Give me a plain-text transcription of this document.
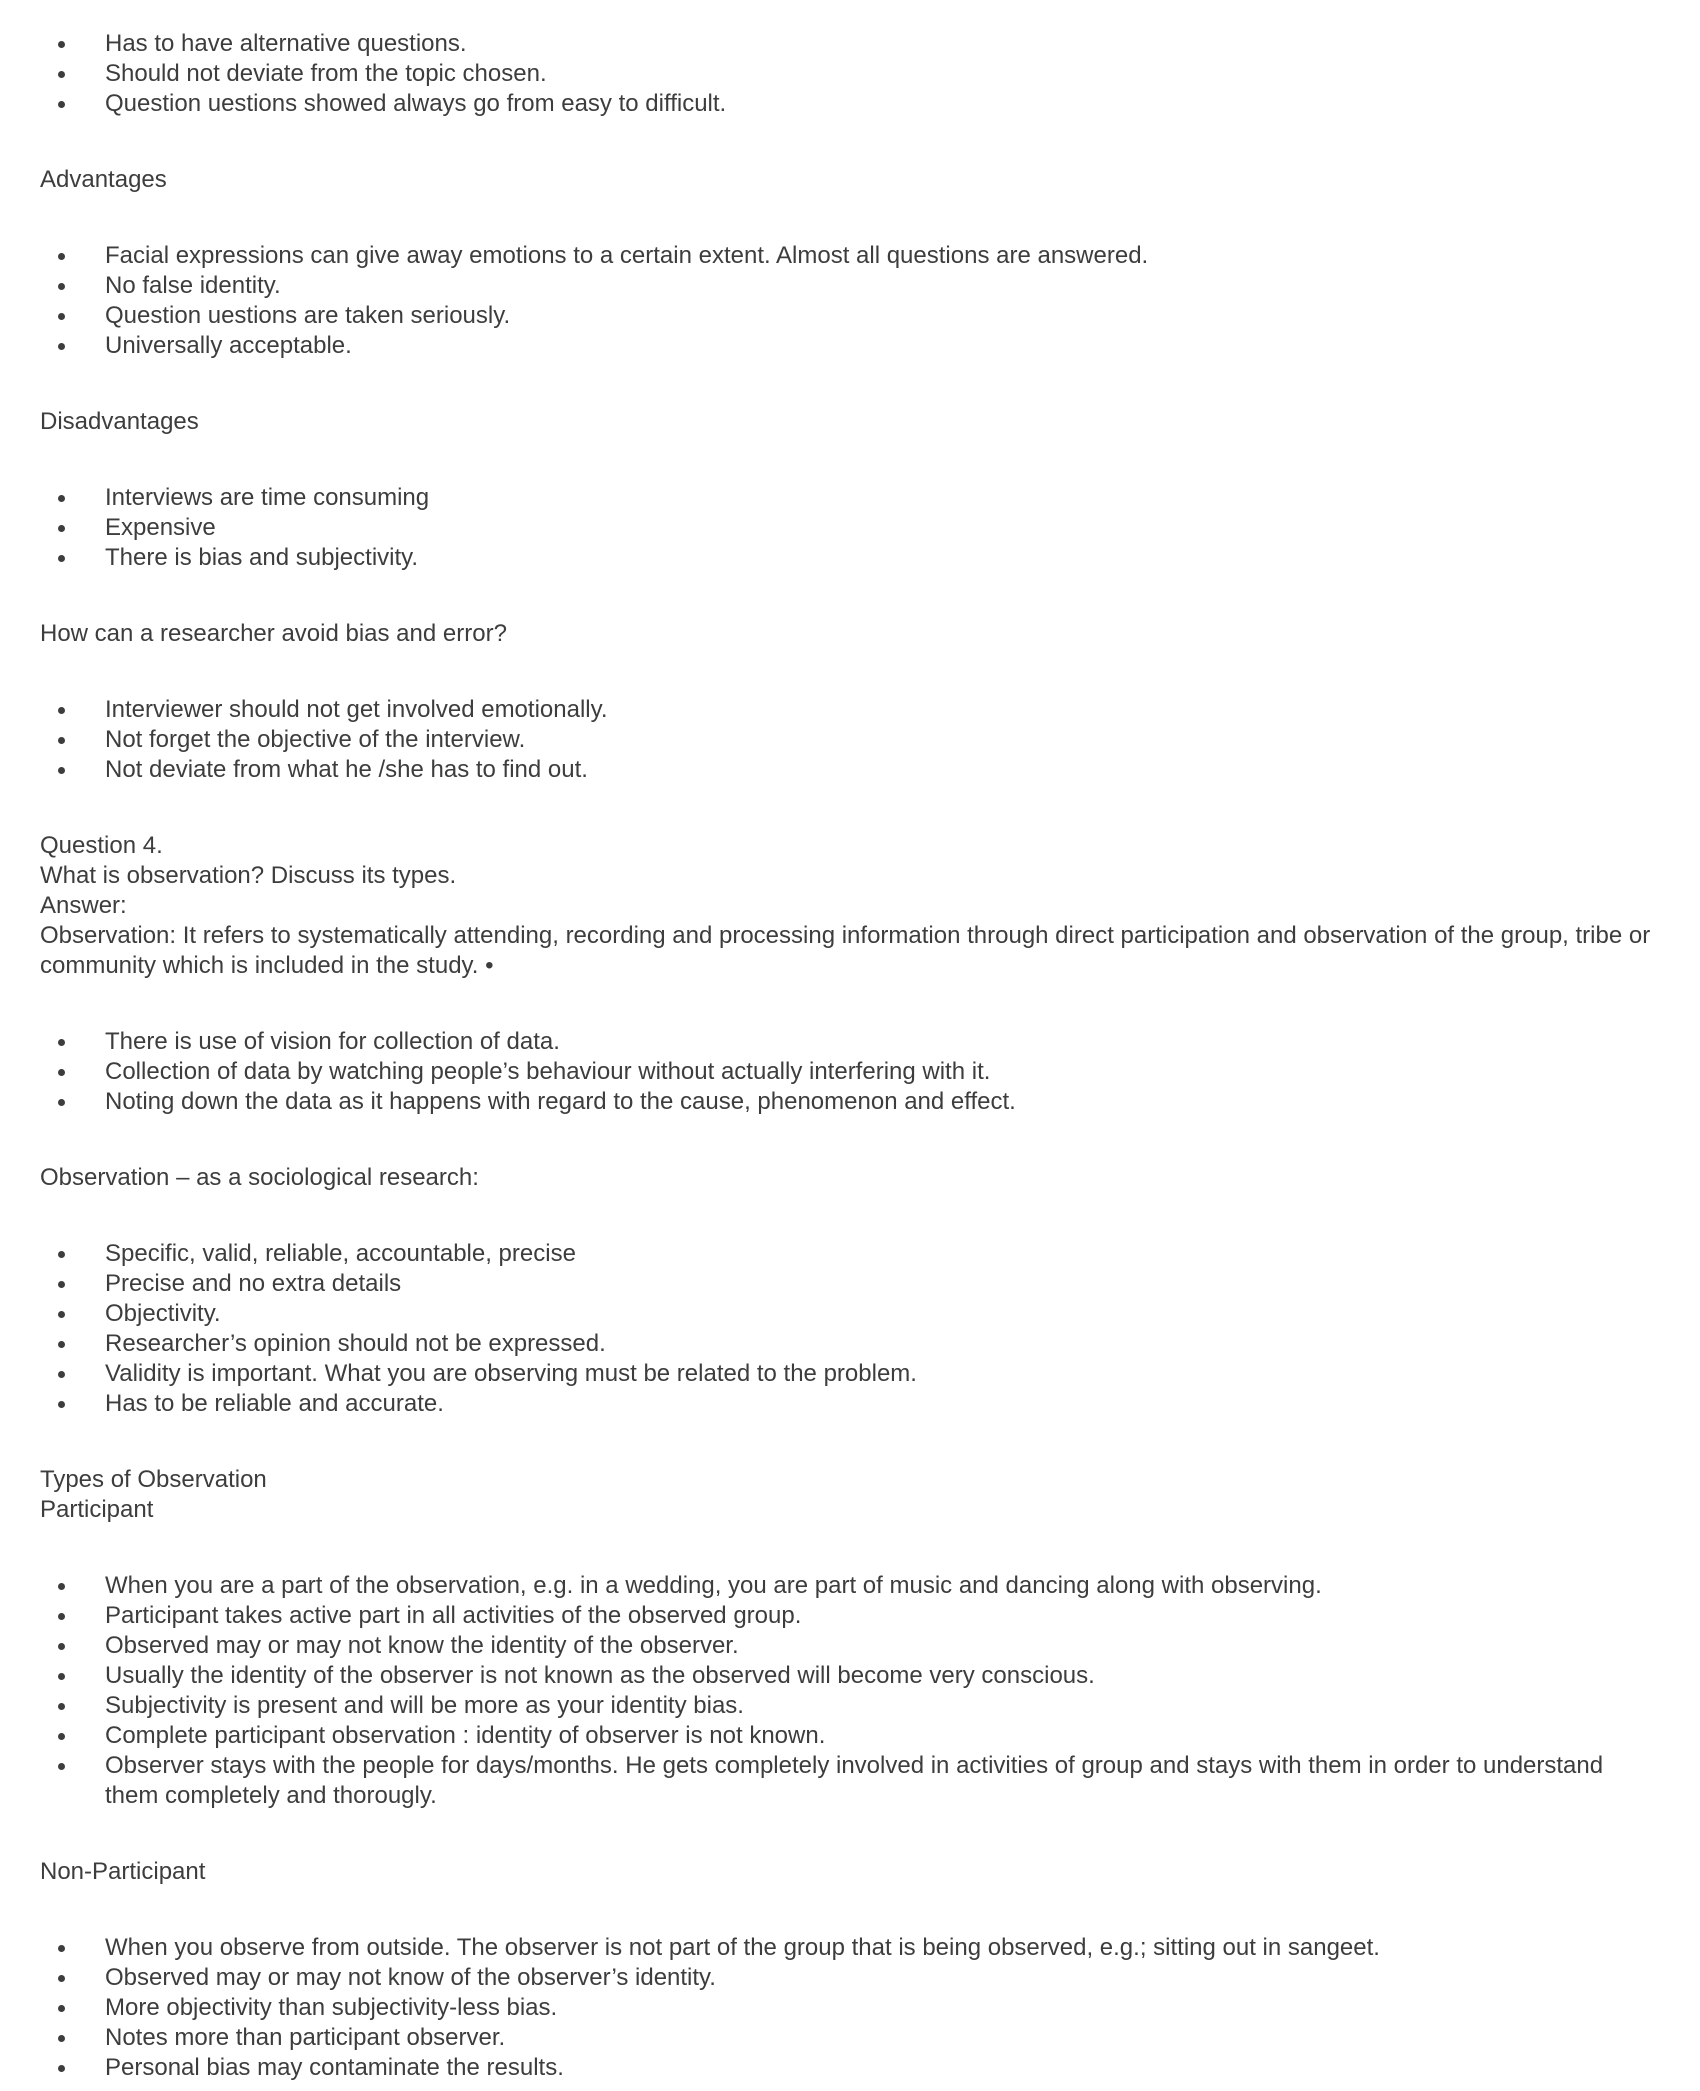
Has to have alternative questions.
Should not deviate from the topic chosen.
Question uestions showed always go from easy to difficult.

Advantages

Facial expressions can give away emotions to a certain extent. Almost all questions are answered.
No false identity.
Question uestions are taken seriously.
Universally acceptable.

Disadvantages

Interviews are time consuming
Expensive
There is bias and subjectivity.

How can a researcher avoid bias and error?

Interviewer should not get involved emotionally.
Not forget the objective of the interview.
Not deviate from what he /she has to find out.

Question 4.
What is observation? Discuss its types.
Answer:
Observation: It refers to systematically attending, recording and processing information through direct participation and observation of the group, tribe or community which is included in the study. •

There is use of vision for collection of data.
Collection of data by watching people’s behaviour without actually interfering with it.
Noting down the data as it happens with regard to the cause, phenomenon and effect.

Observation – as a sociological research:

Specific, valid, reliable, accountable, precise
Precise and no extra details
Objectivity.
Researcher’s opinion should not be expressed.
Validity is important. What you are observing must be related to the problem.
Has to be reliable and accurate.

Types of Observation
Participant

When you are a part of the observation, e.g. in a wedding, you are part of music and dancing along with observing.
Participant takes active part in all activities of the observed group.
Observed may or may not know the identity of the observer.
Usually the identity of the observer is not known as the observed will become very conscious.
Subjectivity is present and will be more as your identity bias.
Complete participant observation : identity of observer is not known.
Observer stays with the people for days/months. He gets completely involved in activities of group and stays with them in order to understand them completely and thorougly.

Non-Participant

When you observe from outside. The observer is not part of the group that is being observed, e.g.; sitting out in sangeet.
Observed may or may not know of the observer’s identity.
More objectivity than subjectivity-less bias.
Notes more than participant observer.
Personal bias may contaminate the results.
